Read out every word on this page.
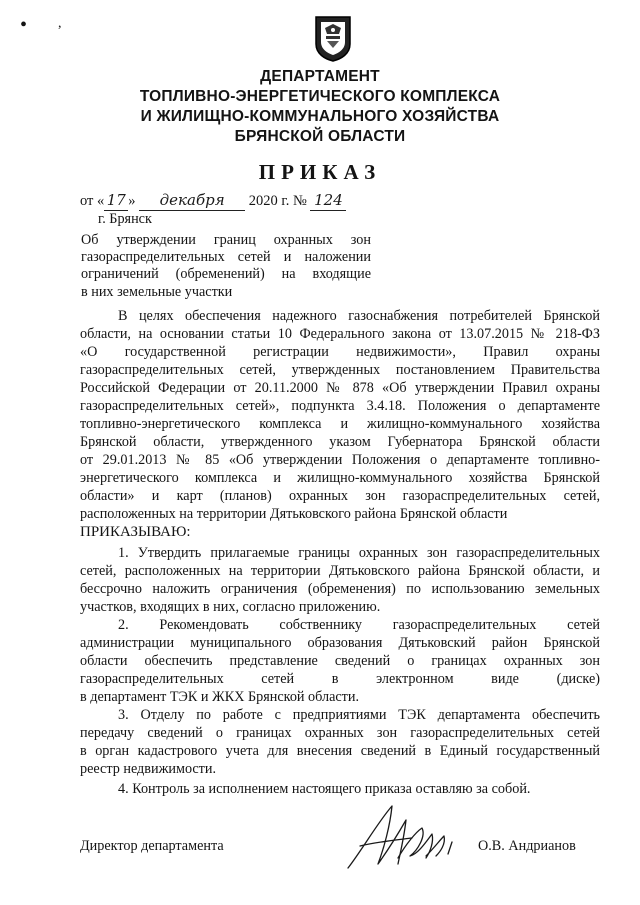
• ,
ДЕПАРТАМЕНТ
ТОПЛИВНО-ЭНЕРГЕТИЧЕСКОГО КОМПЛЕКСА
И ЖИЛИЩНО-КОММУНАЛЬНОГО ХОЗЯЙСТВА
БРЯНСКОЙ ОБЛАСТИ
ПРИКАЗ
от « 17 » декабря 2020 г. № 124
г. Брянск
Об утверждении границ охранных зон
газораспределительных сетей и наложении
ограничений (обременений) на входящие
в них земельные участки
В целях обеспечения надежного газоснабжения потребителей Брянской
области, на основании статьи 10 Федерального закона от 13.07.2015 № 218-ФЗ
«О государственной регистрации недвижимости», Правил охраны
газораспределительных сетей, утвержденных постановлением Правительства
Российской Федерации от 20.11.2000 № 878 «Об утверждении Правил охраны
газораспределительных сетей», подпункта 3.4.18. Положения о департаменте
топливно-энергетического комплекса и жилищно-коммунального хозяйства
Брянской области, утвержденного указом Губернатора Брянской области
от 29.01.2013 № 85 «Об утверждении Положения о департаменте топливно-
энергетического комплекса и жилищно-коммунального хозяйства Брянской
области» и карт (планов) охранных зон газораспределительных сетей,
расположенных на территории Дятьковского района Брянской области
ПРИКАЗЫВАЮ:
1. Утвердить прилагаемые границы охранных зон газораспределительных
сетей, расположенных на территории Дятьковского района Брянской области, и
бессрочно наложить ограничения (обременения) по использованию земельных
участков, входящих в них, согласно приложению.
2. Рекомендовать собственнику газораспределительных сетей
администрации муниципального образования Дятьковский район Брянской
области обеспечить представление сведений о границах охранных зон
газораспределительных сетей в электронном виде (диске)
в департамент ТЭК и ЖКХ Брянской области.
3. Отделу по работе с предприятиями ТЭК департамента обеспечить
передачу сведений о границах охранных зон газораспределительных сетей
в орган кадастрового учета для внесения сведений в Единый государственный
реестр недвижимости.
4. Контроль за исполнением настоящего приказа оставляю за собой.
Директор департамента	О.В. Андрианов
